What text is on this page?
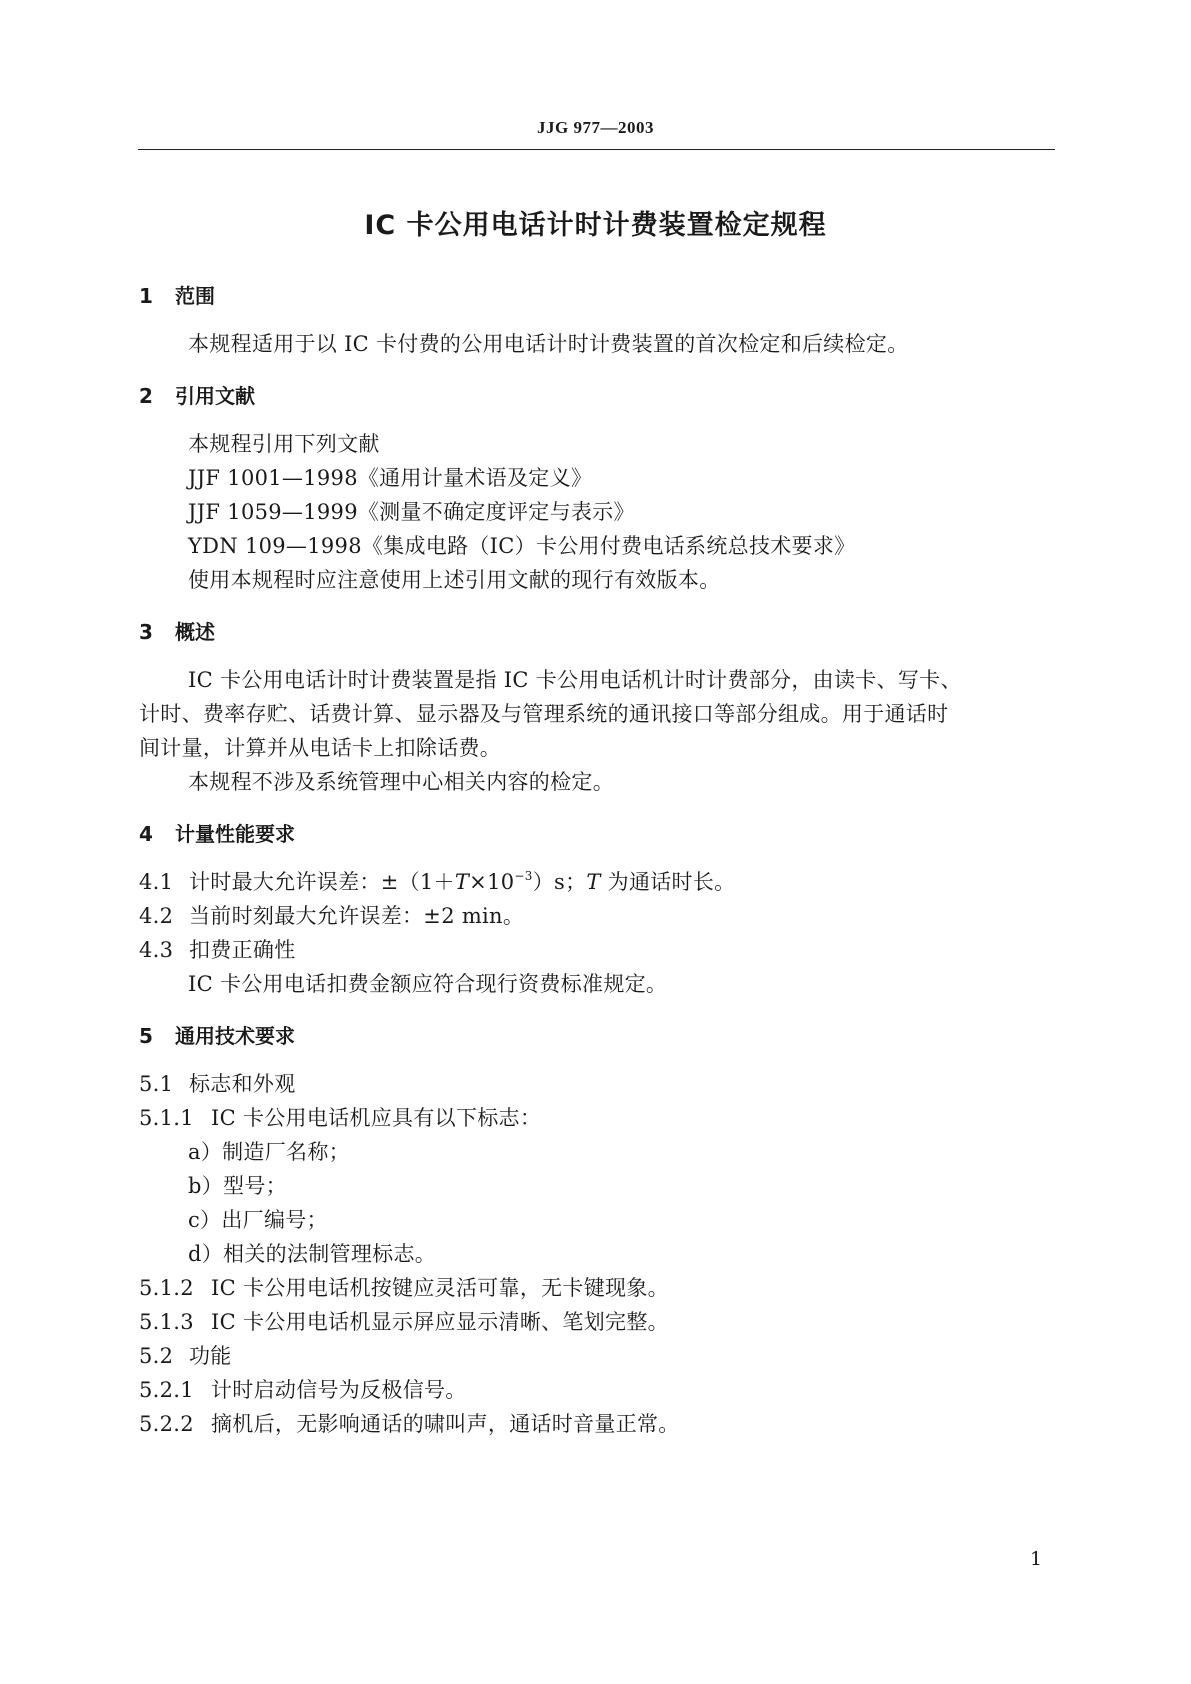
JJG 977—2003
IC 卡公用电话计时计费装置检定规程
1 范围
本规程适用于以 IC 卡付费的公用电话计时计费装置的首次检定和后续检定。
2 引用文献
本规程引用下列文献
JJF 1001—1998《通用计量术语及定义》
JJF 1059—1999《测量不确定度评定与表示》
YDN 109—1998《集成电路（IC）卡公用付费电话系统总技术要求》
使用本规程时应注意使用上述引用文献的现行有效版本。
3 概述
IC 卡公用电话计时计费装置是指 IC 卡公用电话机计时计费部分，由读卡、写卡、
计时、费率存贮、话费计算、显示器及与管理系统的通讯接口等部分组成。用于通话时
间计量，计算并从电话卡上扣除话费。
本规程不涉及系统管理中心相关内容的检定。
4 计量性能要求
4.1 计时最大允许误差：$\pm(1+T\times 10^{-3})s$；T 为通话时长。
4.2 当前时刻最大允许误差：±2 min。
4.3 扣费正确性
IC 卡公用电话扣费金额应符合现行资费标准规定。
5 通用技术要求
5.1 标志和外观
5.1.1 IC 卡公用电话机应具有以下标志：
a）制造厂名称；
b）型号；
c）出厂编号；
d）相关的法制管理标志。
5.1.2 IC 卡公用电话机按键应灵活可靠，无卡键现象。
5.1.3 IC 卡公用电话机显示屏应显示清晰、笔划完整。
5.2 功能
5.2.1 计时启动信号为反极信号。
5.2.2 摘机后，无影响通话的啸叫声，通话时音量正常。
1
